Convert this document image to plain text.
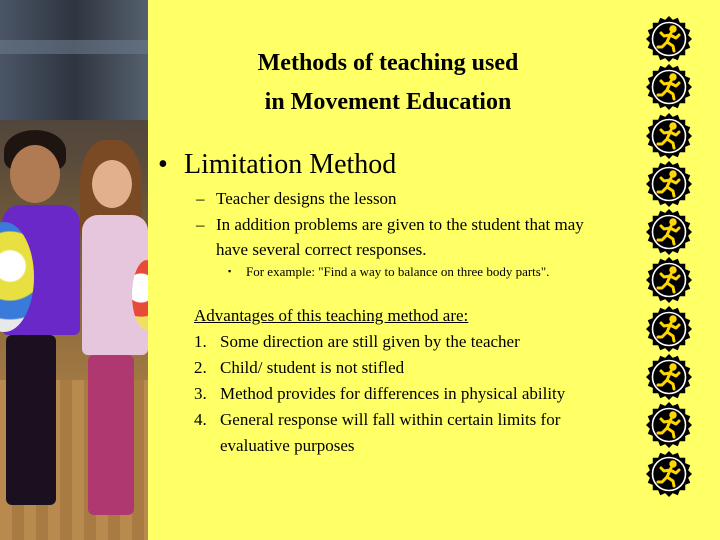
Methods of teaching used
in Movement Education
• Limitation Method
– Teacher designs the lesson
– In addition problems are given to the student that may have several correct responses.
▪ For example: "Find a way to balance on three body parts".
Advantages of this teaching method are:
1. Some direction are still given by the teacher
2. Child/ student is not stifled
3. Method provides for differences in physical ability
4. General response will fall within certain limits for evaluative purposes
